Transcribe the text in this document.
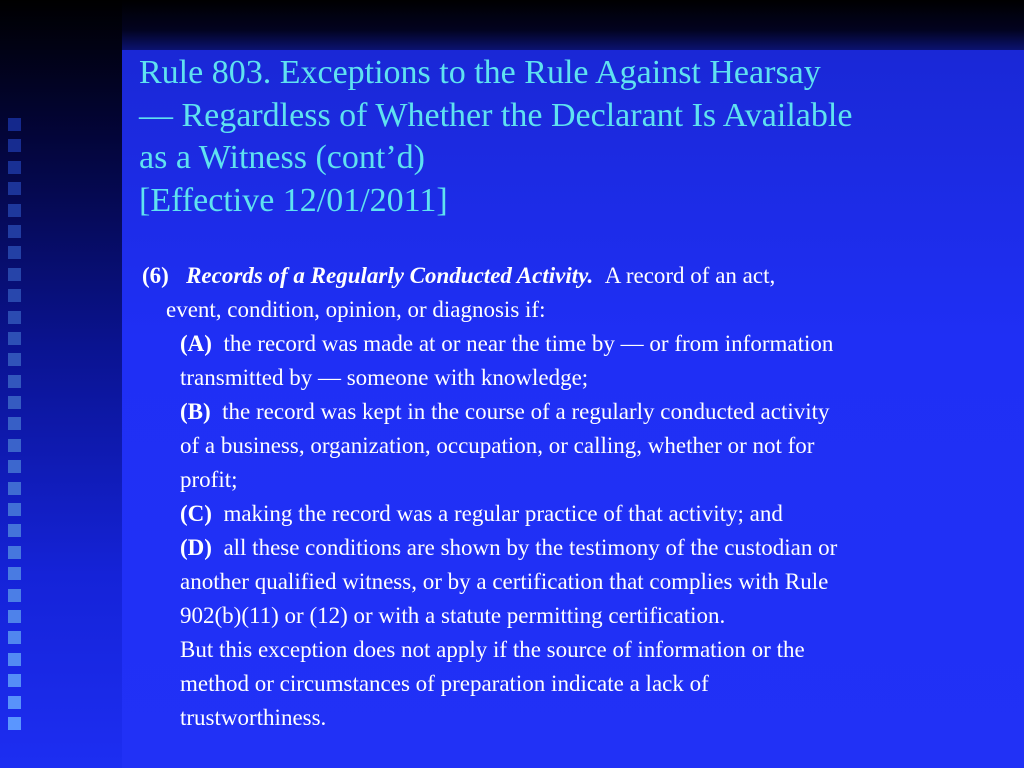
Rule 803. Exceptions to the Rule Against Hearsay
— Regardless of Whether the Declarant Is Available
as a Witness (cont’d)
[Effective 12/01/2011]
(6) Records of a Regularly Conducted Activity. A record of an act,
event, condition, opinion, or diagnosis if:
(A) the record was made at or near the time by — or from information
transmitted by — someone with knowledge;
(B) the record was kept in the course of a regularly conducted activity
of a business, organization, occupation, or calling, whether or not for
profit;
(C) making the record was a regular practice of that activity; and
(D) all these conditions are shown by the testimony of the custodian or
another qualified witness, or by a certification that complies with Rule
902(b)(11) or (12) or with a statute permitting certification.
But this exception does not apply if the source of information or the
method or circumstances of preparation indicate a lack of
trustworthiness.
